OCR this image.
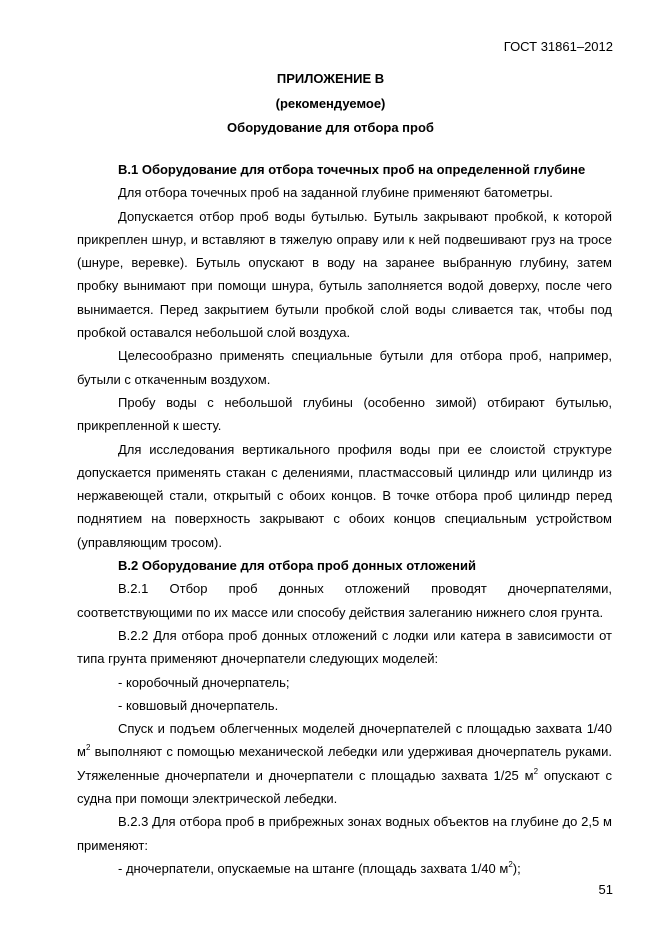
ГОСТ 31861–2012
ПРИЛОЖЕНИЕ В
(рекомендуемое)
Оборудование для отбора проб

В.1 Оборудование для отбора точечных проб на определенной глубине

Для отбора точечных проб на заданной глубине применяют батометры.

Допускается отбор проб воды бутылью. Бутыль закрывают пробкой, к которой прикреплен шнур, и вставляют в тяжелую оправу или к ней подвешивают груз на тросе (шнуре, веревке). Бутыль опускают в воду на заранее выбранную глубину, затем пробку вынимают при помощи шнура, бутыль заполняется водой доверху, после чего вынимается. Перед закрытием бутыли пробкой слой воды сливается так, чтобы под пробкой оставался небольшой слой воздуха.

Целесообразно применять специальные бутыли для отбора проб, например, бутыли с откаченным воздухом.

Пробу воды с небольшой глубины (особенно зимой) отбирают бутылью, прикрепленной к шесту.

Для исследования вертикального профиля воды при ее слоистой структуре допускается применять стакан с делениями, пластмассовый цилиндр или цилиндр из нержавеющей стали, открытый с обоих концов. В точке отбора проб цилиндр перед поднятием на поверхность закрывают с обоих концов специальным устройством (управляющим тросом).

В.2 Оборудование для отбора проб донных отложений

В.2.1 Отбор проб донных отложений проводят дночерпателями, соответствующими по их массе или способу действия залеганию нижнего слоя грунта.

В.2.2 Для отбора проб донных отложений с лодки или катера в зависимости от типа грунта применяют дночерпатели следующих моделей:

- коробочный дночерпатель;

- ковшовый дночерпатель.

Спуск и подъем облегченных моделей дночерпателей с площадью захвата 1/40 $м^2$ выполняют с помощью механической лебедки или удерживая дночерпатель руками. Утяжеленные дночерпатели и дночерпатели с площадью захвата 1/25 $м^2$ опускают с судна при помощи электрической лебедки.

В.2.3 Для отбора проб в прибрежных зонах водных объектов на глубине до 2,5 м применяют:

- дночерпатели, опускаемые на штанге (площадь захвата 1/40 $м^2$);

51
